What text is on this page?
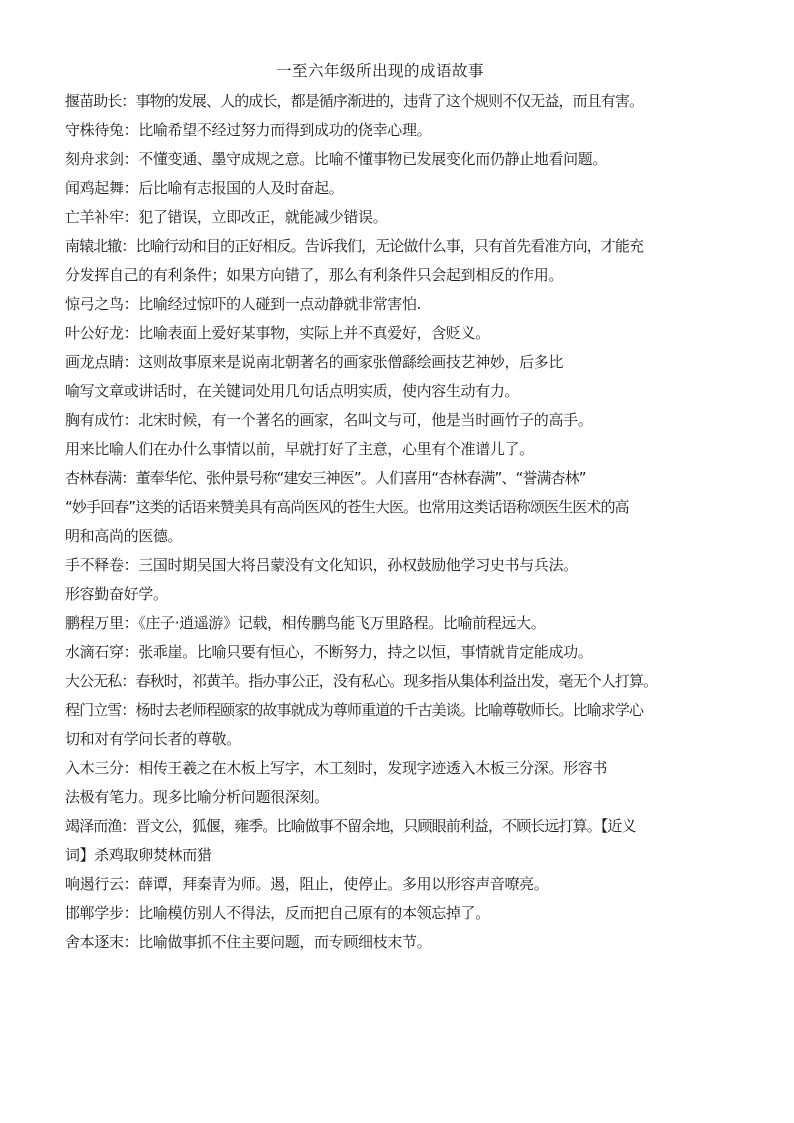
一至六年级所出现的成语故事
揠苗助长：事物的发展、人的成长，都是循序渐进的，违背了这个规则不仅无益，而且有害。
守株待兔：比喻希望不经过努力而得到成功的侥幸心理。
刻舟求剑：不懂变通、墨守成规之意。比喻不懂事物已发展变化而仍静止地看问题。
闻鸡起舞：后比喻有志报国的人及时奋起。
亡羊补牢：犯了错误，立即改正，就能减少错误。
南辕北辙：比喻行动和目的正好相反。告诉我们，无论做什么事，只有首先看准方向，才能充
分发挥自己的有利条件；如果方向错了，那么有利条件只会起到相反的作用。
惊弓之鸟：比喻经过惊吓的人碰到一点动静就非常害怕.
叶公好龙：比喻表面上爱好某事物，实际上并不真爱好，含贬义。
画龙点睛：这则故事原来是说南北朝著名的画家张僧繇绘画技艺神妙，后多比
喻写文章或讲话时，在关键词处用几句话点明实质，使内容生动有力。
胸有成竹：北宋时候，有一个著名的画家，名叫文与可，他是当时画竹子的高手。
用来比喻人们在办什么事情以前，早就打好了主意，心里有个准谱儿了。
杏林春满：董奉华佗、张仲景号称“建安三神医”。人们喜用“杏林春满”、“誉满杏林”
“妙手回春”这类的话语来赞美具有高尚医风的苍生大医。也常用这类话语称颂医生医术的高
明和高尚的医德。
手不释卷：三国时期吴国大将吕蒙没有文化知识，孙权鼓励他学习史书与兵法。
形容勤奋好学。
鹏程万里：《庄子·逍遥游》记载，相传鹏鸟能飞万里路程。比喻前程远大。
水滴石穿：张乖崖。比喻只要有恒心，不断努力，持之以恒，事情就肯定能成功。
大公无私：春秋时，祁黄羊。指办事公正，没有私心。现多指从集体利益出发，毫无个人打算。
程门立雪：杨时去老师程颐家的故事就成为尊师重道的千古美谈。比喻尊敬师长。比喻求学心
切和对有学问长者的尊敬。
入木三分：相传王羲之在木板上写字，木工刻时，发现字迹透入木板三分深。形容书
法极有笔力。现多比喻分析问题很深刻。
竭泽而渔：晋文公，狐偃，雍季。比喻做事不留余地，只顾眼前利益，不顾长远打算。【近义
词】杀鸡取卵焚林而猎
响遏行云：薛谭，拜秦青为师。遏，阻止，使停止。多用以形容声音嘹亮。
邯郸学步：比喻模仿别人不得法，反而把自己原有的本领忘掉了。
舍本逐末：比喻做事抓不住主要问题，而专顾细枝末节。
